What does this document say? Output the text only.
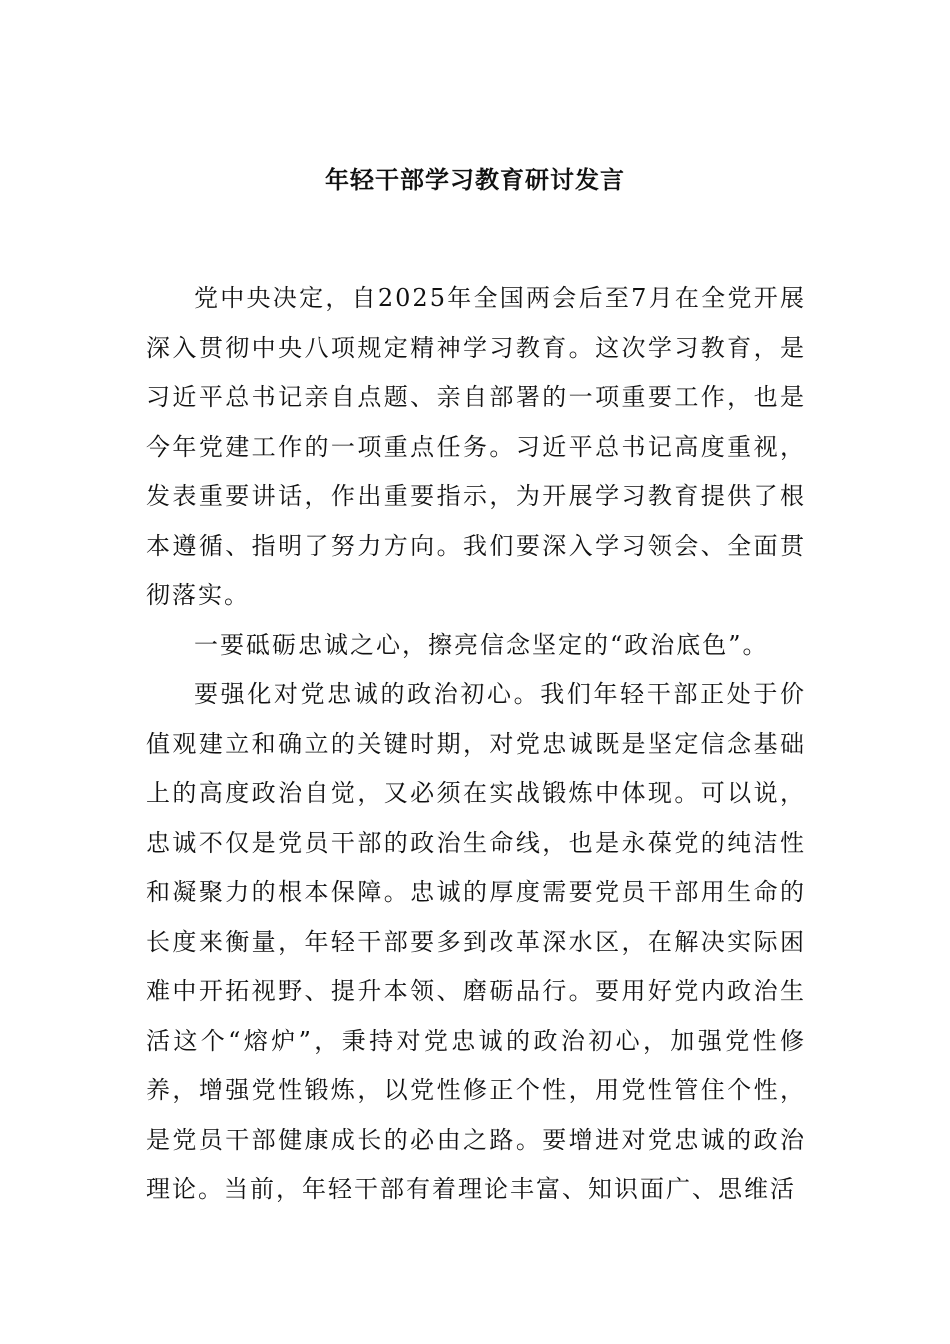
年轻干部学习教育研讨发言

党中央决定，自2025年全国两会后至7月在全党开展深入贯彻中央八项规定精神学习教育。这次学习教育，是习近平总书记亲自点题、亲自部署的一项重要工作，也是今年党建工作的一项重点任务。习近平总书记高度重视，发表重要讲话，作出重要指示，为开展学习教育提供了根本遵循、指明了努力方向。我们要深入学习领会、全面贯彻落实。

一要砥砺忠诚之心，擦亮信念坚定的“政治底色”。

要强化对党忠诚的政治初心。我们年轻干部正处于价值观建立和确立的关键时期，对党忠诚既是坚定信念基础上的高度政治自觉，又必须在实战锻炼中体现。可以说，忠诚不仅是党员干部的政治生命线，也是永葆党的纯洁性和凝聚力的根本保障。忠诚的厚度需要党员干部用生命的长度来衡量，年轻干部要多到改革深水区，在解决实际困难中开拓视野、提升本领、磨砺品行。要用好党内政治生活这个“熔炉”，秉持对党忠诚的政治初心，加强党性修养，增强党性锻炼，以党性修正个性，用党性管住个性，是党员干部健康成长的必由之路。要增进对党忠诚的政治理论。当前，年轻干部有着理论丰富、知识面广、思维活
